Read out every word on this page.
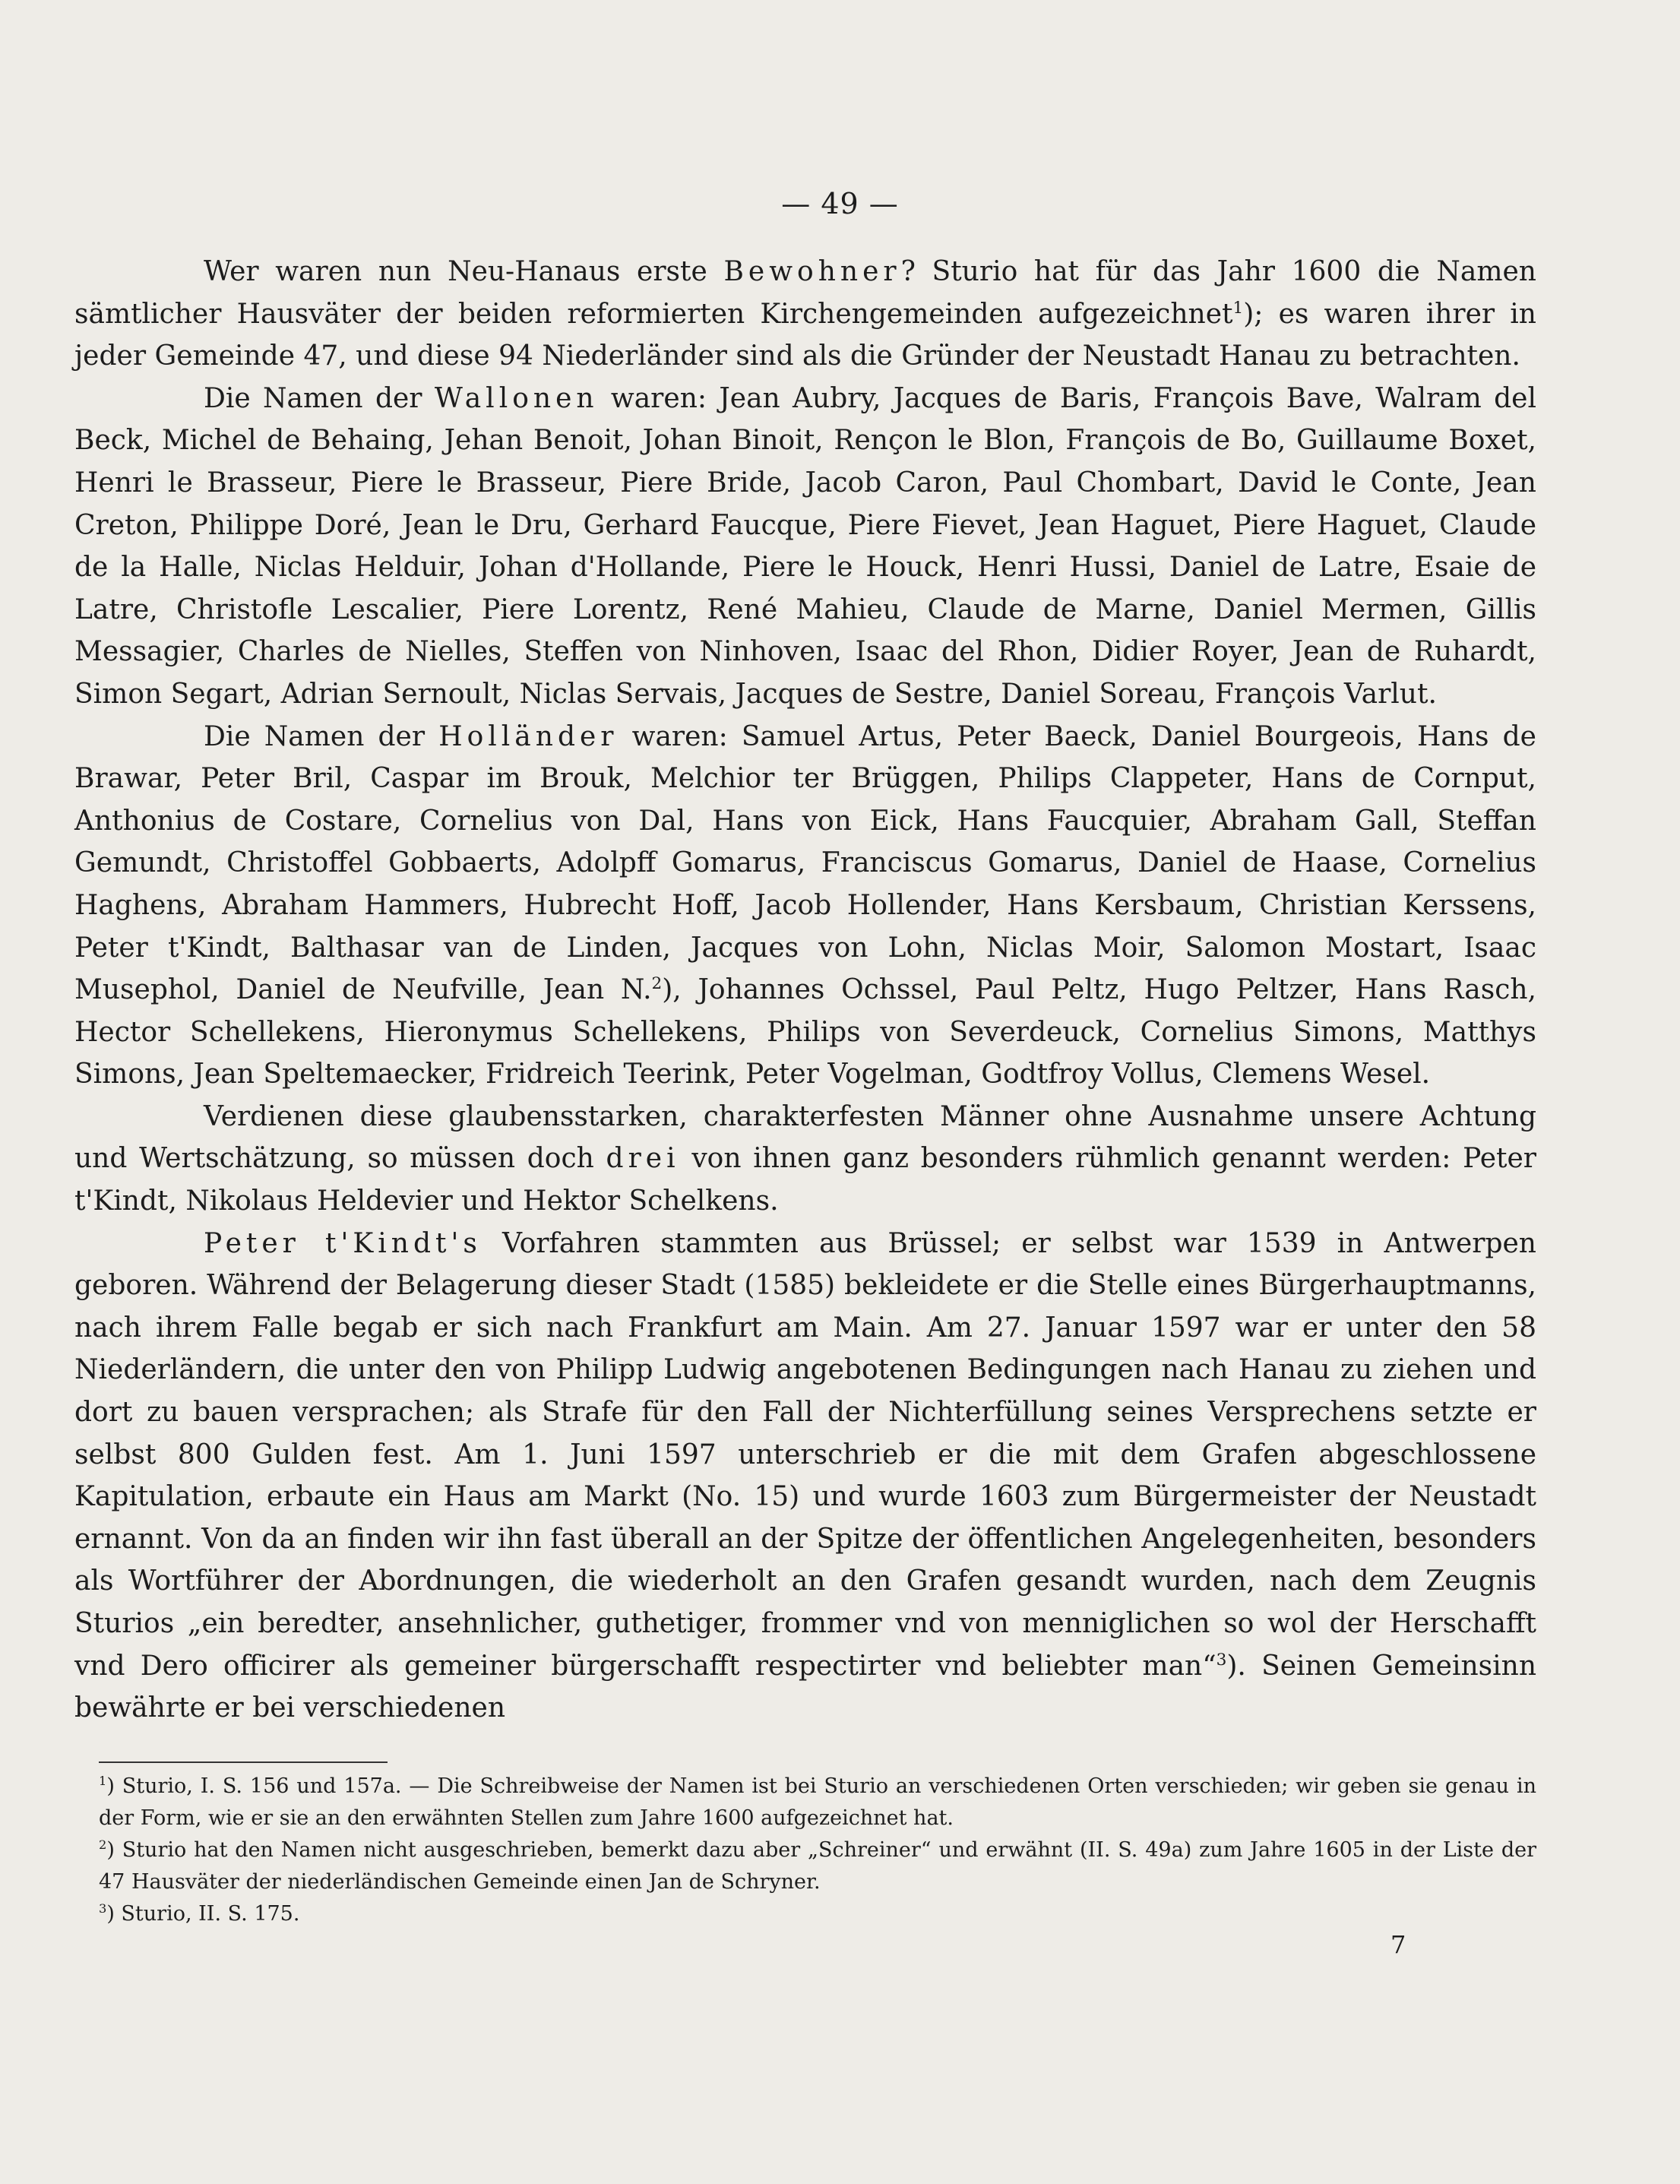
— 49 —

Wer waren nun Neu-Hanaus erste Bewohner? Sturio hat für das Jahr 1600 die Namen sämtlicher Hausväter der beiden reformierten Kirchengemeinden aufgezeichnet$^1$); es waren ihrer in jeder Gemeinde 47, und diese 94 Niederländer sind als die Gründer der Neustadt Hanau zu betrachten.

Die Namen der Wallonen waren: Jean Aubry, Jacques de Baris, François Bave, Walram del Beck, Michel de Behaing, Jehan Benoit, Johan Binoit, Rençon le Blon, François de Bo, Guillaume Boxet, Henri le Brasseur, Piere le Brasseur, Piere Bride, Jacob Caron, Paul Chombart, David le Conte, Jean Creton, Philippe Doré, Jean le Dru, Gerhard Faucque, Piere Fievet, Jean Haguet, Piere Haguet, Claude de la Halle, Niclas Helduir, Johan d'Hollande, Piere le Houck, Henri Hussi, Daniel de Latre, Esaie de Latre, Christofle Lescalier, Piere Lorentz, René Mahieu, Claude de Marne, Daniel Mermen, Gillis Messagier, Charles de Nielles, Steffen von Ninhoven, Isaac del Rhon, Didier Royer, Jean de Ruhardt, Simon Segart, Adrian Sernoult, Niclas Servais, Jacques de Sestre, Daniel Soreau, François Varlut.

Die Namen der Holländer waren: Samuel Artus, Peter Baeck, Daniel Bourgeois, Hans de Brawar, Peter Bril, Caspar im Brouk, Melchior ter Brüggen, Philips Clappeter, Hans de Cornput, Anthonius de Costare, Cornelius von Dal, Hans von Eick, Hans Faucquier, Abraham Gall, Steffan Gemundt, Christoffel Gobbaerts, Adolpff Gomarus, Franciscus Gomarus, Daniel de Haase, Cornelius Haghens, Abraham Hammers, Hubrecht Hoff, Jacob Hollender, Hans Kersbaum, Christian Kerssens, Peter t'Kindt, Balthasar van de Linden, Jacques von Lohn, Niclas Moir, Salomon Mostart, Isaac Musephol, Daniel de Neufville, Jean N.$^2$), Johannes Ochssel, Paul Peltz, Hugo Peltzer, Hans Rasch, Hector Schellekens, Hieronymus Schellekens, Philips von Severdeuck, Cornelius Simons, Matthys Simons, Jean Speltemaecker, Fridreich Teerink, Peter Vogelman, Godtfroy Vollus, Clemens Wesel.

Verdienen diese glaubensstarken, charakterfesten Männer ohne Ausnahme unsere Achtung und Wertschätzung, so müssen doch drei von ihnen ganz besonders rühmlich genannt werden: Peter t'Kindt, Nikolaus Heldevier und Hektor Schelkens.

Peter t'Kindt's Vorfahren stammten aus Brüssel; er selbst war 1539 in Antwerpen geboren. Während der Belagerung dieser Stadt (1585) bekleidete er die Stelle eines Bürgerhauptmanns, nach ihrem Falle begab er sich nach Frankfurt am Main. Am 27. Januar 1597 war er unter den 58 Niederländern, die unter den von Philipp Ludwig angebotenen Bedingungen nach Hanau zu ziehen und dort zu bauen versprachen; als Strafe für den Fall der Nichterfüllung seines Versprechens setzte er selbst 800 Gulden fest. Am 1. Juni 1597 unterschrieb er die mit dem Grafen abgeschlossene Kapitulation, erbaute ein Haus am Markt (No. 15) und wurde 1603 zum Bürgermeister der Neustadt ernannt. Von da an finden wir ihn fast überall an der Spitze der öffentlichen Angelegenheiten, besonders als Wortführer der Abordnungen, die wiederholt an den Grafen gesandt wurden, nach dem Zeugnis Sturios „ein beredter, ansehnlicher, guthetiger, frommer vnd von menniglichen so wol der Herschafft vnd Dero officirer als gemeiner bürgerschafft respectirter vnd beliebter man“$^3$). Seinen Gemeinsinn bewährte er bei verschiedenen

$^1$) Sturio, I. S. 156 und 157a. — Die Schreibweise der Namen ist bei Sturio an verschiedenen Orten verschieden; wir geben sie genau in der Form, wie er sie an den erwähnten Stellen zum Jahre 1600 aufgezeichnet hat.

$^2$) Sturio hat den Namen nicht ausgeschrieben, bemerkt dazu aber „Schreiner“ und erwähnt (II. S. 49a) zum Jahre 1605 in der Liste der 47 Hausväter der niederländischen Gemeinde einen Jan de Schryner.

$^3$) Sturio, II. S. 175.

7
